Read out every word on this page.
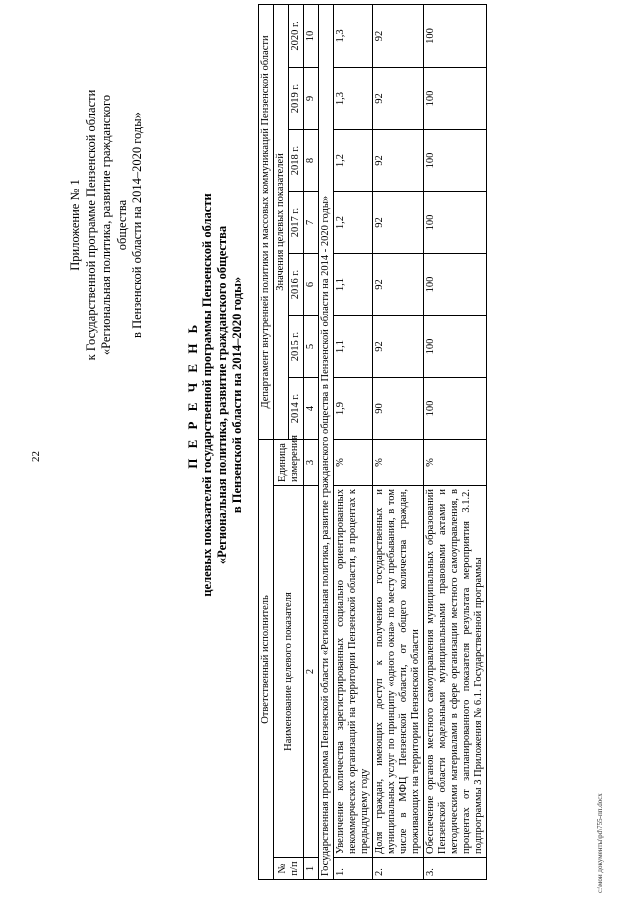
22
Приложение № 1 к Государственной программе Пензенской области «Региональная политика, развитие гражданского общества в Пензенской области на 2014–2020 годы»
П Е Р Е Ч Е Н Ь целевых показателей государственной программы Пензенской области «Региональная политика, развитие гражданского общества в Пензенской области на 2014–2020 годы»
Ответственный исполнитель			Департамент внутренней политики и массовых коммуникаций Пензенской области						
№ п/п	Наименование целевого показателя	Единица измерения	Значения целевых показателей						
			2014 г.	2015 г.	2016 г.	2017 г.	2018 г.	2019 г.	2020 г.
1	2	3	4	5	6	7	8	9	10
Государственная программа Пензенской области «Региональная политика, развитие гражданского общества в Пензенской области на 2014 - 2020 годы»									
1.	Увеличение количества зарегистрированных социально ориентированных некоммерческих организаций на территории Пензенской области, в процентах к предыдущему году	%	1,9	1,1	1,1	1,2	1,2	1,3	1,3
2.	Доля граждан, имеющих доступ к получению государственных и муниципальных услуг по принципу «одного окна» по месту пребывания, в том числе в МФЦ Пензенской области, от общего количества граждан, проживающих на территории Пензенской области	%	90	92	92	92	92	92	92
3.	Обеспечение органов местного самоуправления муниципальных образований Пензенской области модельными муниципальными правовыми актами и методическими материалами в сфере организации местного самоуправления, в процентах от запланированного показателя результата мероприятия 3.1.2. подпрограммы 3 Приложения № 6.1. Государственной программы	%	100	100	100	100	100	100	100
c:\мои документы\pd\755-пп.docx
